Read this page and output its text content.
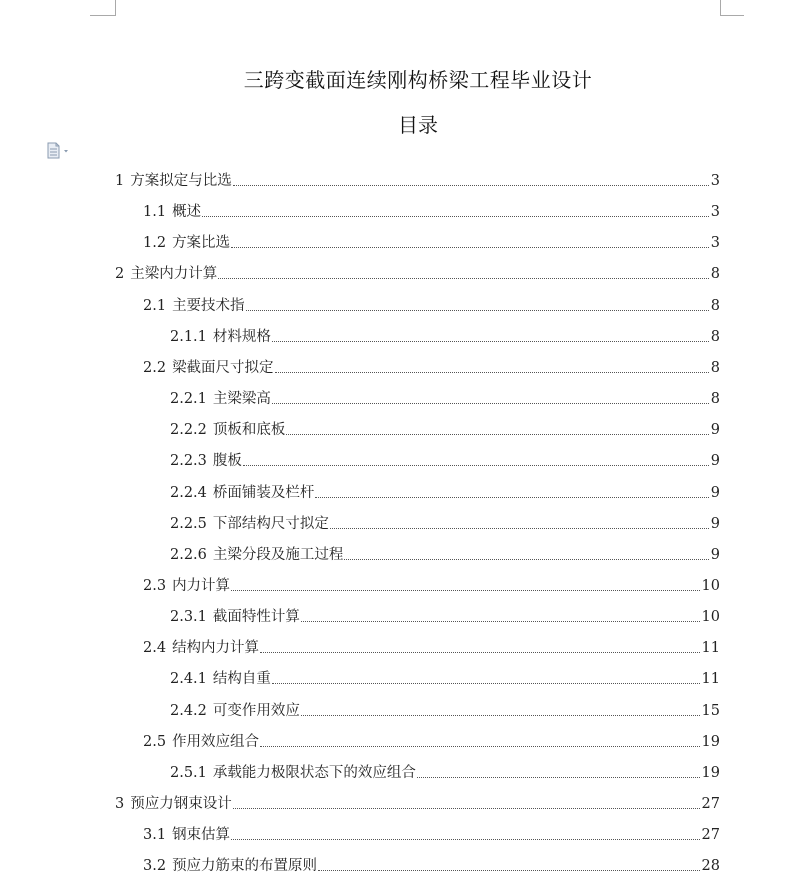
三跨变截面连续刚构桥梁工程毕业设计
目录
1 方案拟定与比选	3
1.1 概述	3
1.2 方案比选	3
2 主梁内力计算	8
2.1 主要技术指	8
2.1.1 材料规格	8
2.2 梁截面尺寸拟定	8
2.2.1 主梁梁高	8
2.2.2 顶板和底板	9
2.2.3 腹板	9
2.2.4 桥面铺装及栏杆	9
2.2.5 下部结构尺寸拟定	9
2.2.6 主梁分段及施工过程	9
2.3 内力计算	10
2.3.1 截面特性计算	10
2.4 结构内力计算	11
2.4.1 结构自重	11
2.4.2 可变作用效应	15
2.5 作用效应组合	19
2.5.1 承载能力极限状态下的效应组合	19
3 预应力钢束设计	27
3.1 钢束估算	27
3.2 预应力筋束的布置原则	28
